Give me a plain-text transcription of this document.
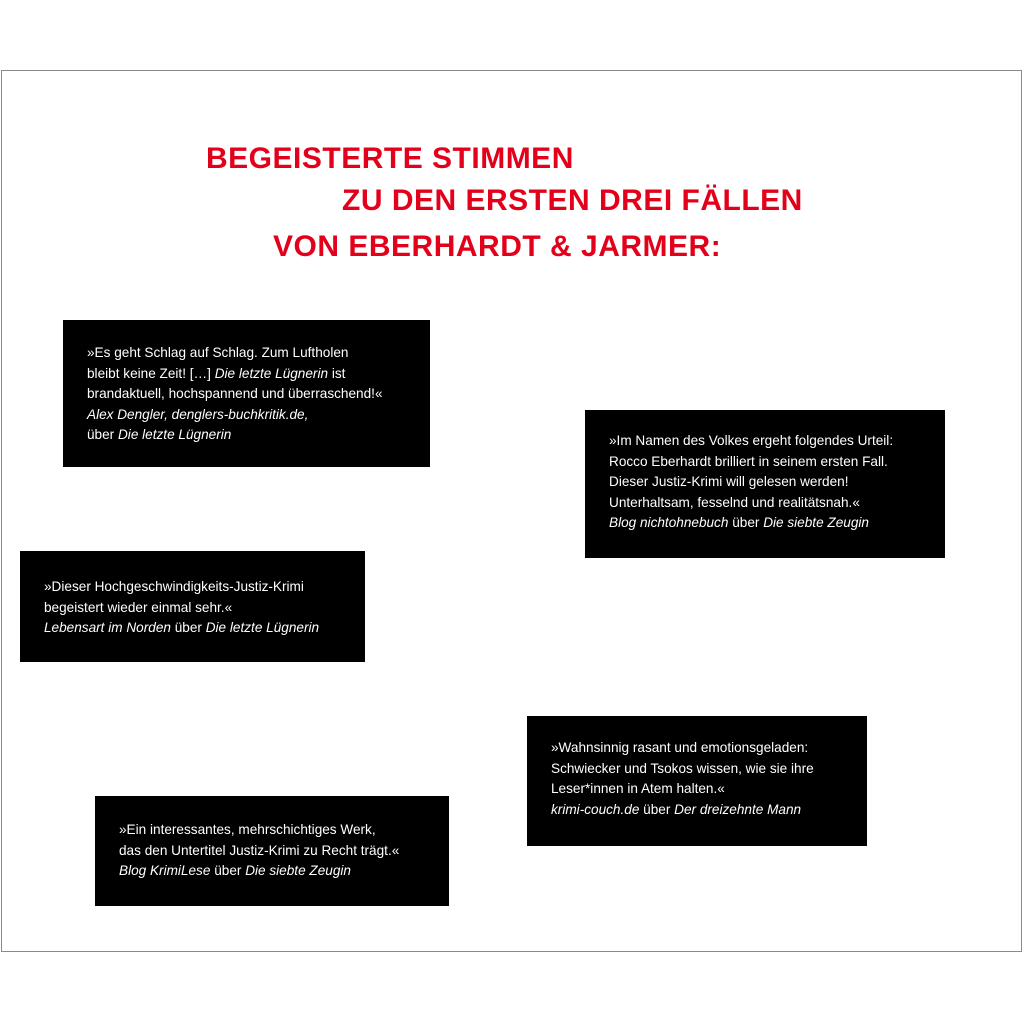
BEGEISTERTE STIMMEN
ZU DEN ERSTEN DREI FÄLLEN
VON EBERHARDT & JARMER:
»Es geht Schlag auf Schlag. Zum Luftholen
bleibt keine Zeit! […] Die letzte Lügnerin ist
brandaktuell, hochspannend und überraschend!«
Alex Dengler, denglers-buchkritik.de,
über Die letzte Lügnerin	»Im Namen des Volkes ergeht folgendes Urteil:
Rocco Eberhardt brilliert in seinem ersten Fall.
Dieser Justiz-Krimi will gelesen werden!
Unterhaltsam, fesselnd und realitätsnah.«
Blog nichtohnebuch über Die siebte Zeugin
»Dieser Hochgeschwindigkeits-Justiz-Krimi
begeistert wieder einmal sehr.«
Lebensart im Norden über Die letzte Lügnerin
»Wahnsinnig rasant und emotionsgeladen:
Schwiecker und Tsokos wissen, wie sie ihre
Leser*innen in Atem halten.«
krimi-couch.de über Der dreizehnte Mann
»Ein interessantes, mehrschichtiges Werk,
das den Untertitel Justiz-Krimi zu Recht trägt.«
Blog KrimiLese über Die siebte Zeugin
